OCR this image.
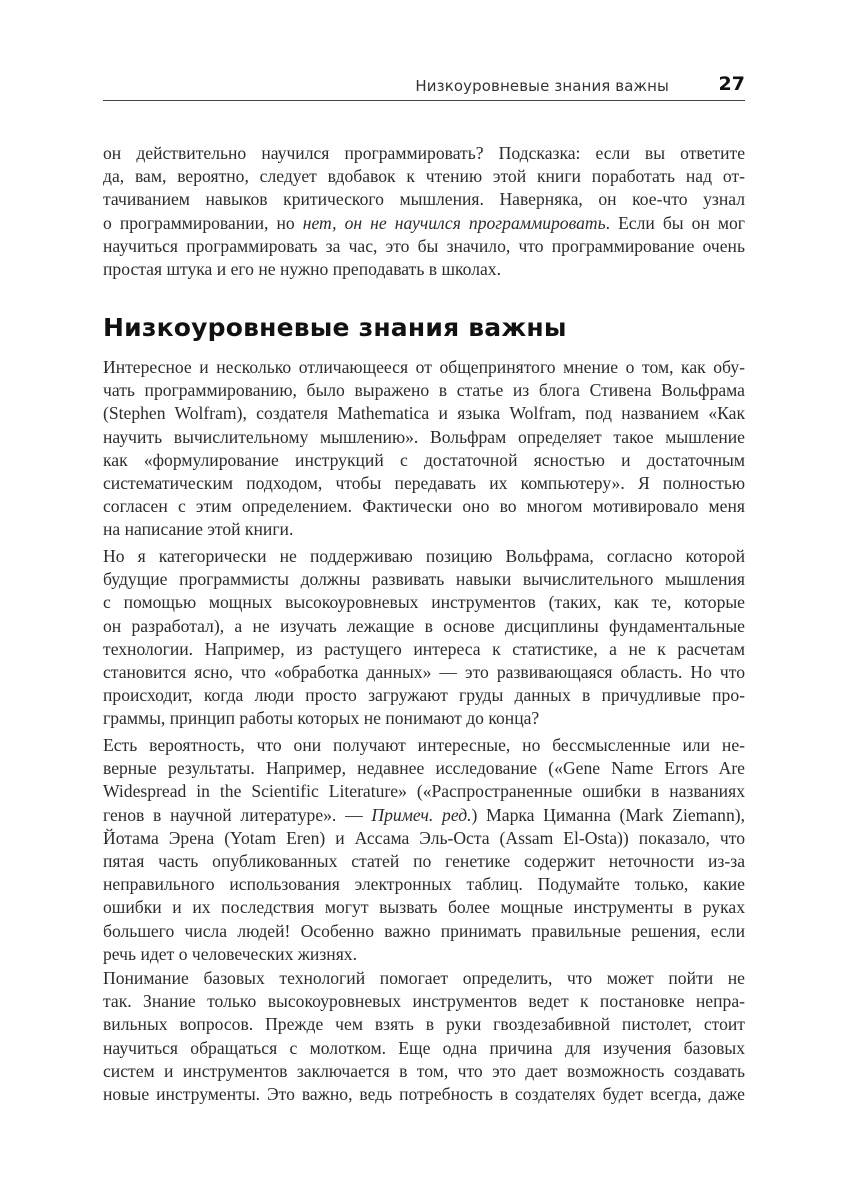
Низкоуровневые знания важны	27
он действительно научился программировать? Подсказка: если вы ответите
да, вам, вероятно, следует вдобавок к чтению этой книги поработать над от-
тачиванием навыков критического мышления. Наверняка, он кое-что узнал
о программировании, но нет, он не научился программировать. Если бы он мог
научиться программировать за час, это бы значило, что программирование очень
простая штука и его не нужно преподавать в школах.
Низкоуровневые знания важны
Интересное и несколько отличающееся от общепринятого мнение о том, как обу-
чать программированию, было выражено в статье из блога Стивена Вольфрама
(Stephen Wolfram), создателя Mathematica и языка Wolfram, под названием «Как
научить вычислительному мышлению». Вольфрам определяет такое мышление
как «формулирование инструкций с достаточной ясностью и достаточным
систематическим подходом, чтобы передавать их компьютеру». Я полностью
согласен с этим определением. Фактически оно во многом мотивировало меня
на написание этой книги.
Но я категорически не поддерживаю позицию Вольфрама, согласно которой
будущие программисты должны развивать навыки вычислительного мышления
с помощью мощных высокоуровневых инструментов (таких, как те, которые
он разработал), а не изучать лежащие в основе дисциплины фундаментальные
технологии. Например, из растущего интереса к статистике, а не к расчетам
становится ясно, что «обработка данных» — это развивающаяся область. Но что
происходит, когда люди просто загружают груды данных в причудливые про-
граммы, принцип работы которых не понимают до конца?
Есть вероятность, что они получают интересные, но бессмысленные или не-
верные результаты. Например, недавнее исследование («Gene Name Errors Are
Widespread in the Scientific Literature» («Распространенные ошибки в названиях
генов в научной литературе». — Примеч. ред.) Марка Циманна (Mark Ziemann),
Йотама Эрена (Yotam Eren) и Ассама Эль-Оста (Assam El-Osta)) показало, что
пятая часть опубликованных статей по генетике содержит неточности из-за
неправильного использования электронных таблиц. Подумайте только, какие
ошибки и их последствия могут вызвать более мощные инструменты в руках
большего числа людей! Особенно важно принимать правильные решения, если
речь идет о человеческих жизнях.
Понимание базовых технологий помогает определить, что может пойти не
так. Знание только высокоуровневых инструментов ведет к постановке непра-
вильных вопросов. Прежде чем взять в руки гвоздезабивной пистолет, стоит
научиться обращаться с молотком. Еще одна причина для изучения базовых
систем и инструментов заключается в том, что это дает возможность создавать
новые инструменты. Это важно, ведь потребность в создателях будет всегда, даже
